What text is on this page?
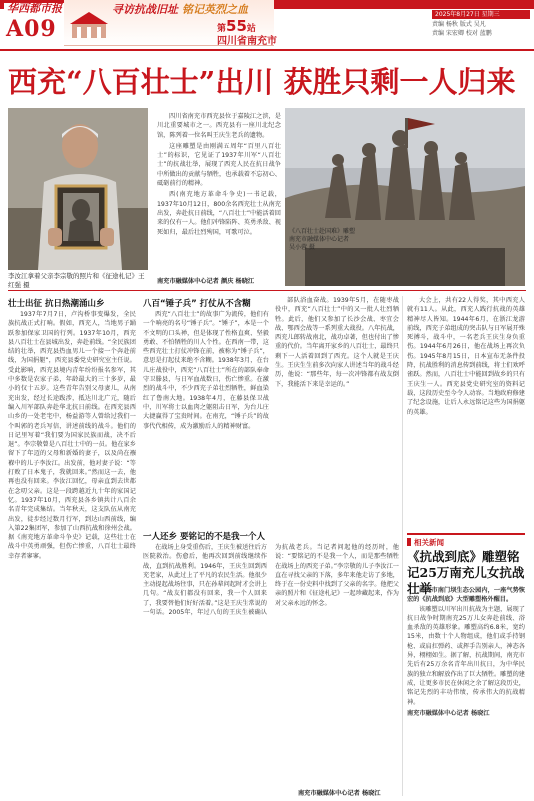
华西都市报
A09
寻访抗战旧址 铭记英烈之血
第55站
四川省南充市
2025年8月27日 星期三
责编 杨秋 版式 吴凡
责编 宋宏卿 校对 蓝鹏
西充“八百壮士”出川 获胜只剩一人归来
李汝江拿着父亲李宗敬的照片和《征途札记》王红强 摄
《八百壮士赴国难》雕塑 南充市融媒体中心记者 吴小蓉 摄

四川省南充市西充县位于嘉陵江之滨，是川北重要城市之一。西充县有一座川北纪念馆，陈列着一位名叫王庆生老兵的遗物。

这座雕塑是由刚满五周年“百里八百壮士”的标识，它见证了1937年川军“八百壮士”的抗战壮举，展现了西充人民在抗日战争中所做出的贡献与牺牲，也承载着不忘初心、砥砺前行的精神。

西(南充地方革命斗争史)一书记载，1937年10月12日，800余名西充壮士从南充出发，奔赴抗日前线，“八百壮士”中能活着回来的仅有一人。他们冲锋陷阵、英勇杀敌、视死如归，最后壮烈殉国，可歌可泣。

南充市融媒体中心记者 颜庆 杨晓江
壮士出征 抗日热潮涌山乡

1937年7月7日，卢沟桥事变爆发，全民族抗战正式打响。假如，西充人，当地男子踊跃参加保家卫国的行列。1937年10月，西充县八百壮士在县城出发，奔赴前线。“全民族团结的壮举，西充县热血男儿一个接一个奔赴前线，为国捐躯”，西充县委党史研究室主任说。受此影响，西充县境内青年纷纷报名参军，其中多数是农家子弟，年龄最大的三十多岁，最小的仅十五岁。这些青年告别父母妻儿，从南充出发，经过长途跋涉，抵达川北广元，随后编入川军部队奔赴华北抗日前线。在西充县西山乡的一处老宅中，杨益游等人曾给过我们一个叫郭的老兵写信，讲述前线的战斗。他们的日记里写着“我们要为国家民族而战，决不后退”。李宗敬曾是八百壮士中的一员。他在家乡留下了年迈的父母和新婚的妻子，以及尚在襁褓中的儿子李汝江。出发前，他对妻子说：“等打败了日本鬼子，我就回来。”然而这一去，他再也没有回来。李汝江回忆，母亲直到去世都在念叨父亲。这是一段跨越近九十年的家国记忆。1937年10月，西充县各乡镇共计八百余名青年完成集结。当年秋天，这支队伍从南充出发，徒步经过数月行军，到达山西前线，编入第22集团军，参加了山西抗战和徐州会战。据《南充地方革命斗争史》记载，这些壮士在战斗中英勇顽强，但伤亡惨重，八百壮士最终幸存者寥寥。

八百“锤子兵” 打仗从不含糊

西充“八百壮士”的故事广为流传，他们有一个响亮的名号“锤子兵”。“锤子”，本是一个不文明的口头禅，但是体现了性格直爽、坚毅勇敢、不怕牺牲的川人个性。在西南一带，这些西充壮士打仗冲锋在前，被称为“锤子兵”，意思是打起仗来绝不含糊。1938年3月，在台儿庄战役中，西充“八百壮士”所在的部队奉命守卫滕县，与日军血战数日，伤亡惨重。在激烈的战斗中，不少西充子弟壮烈牺牲，鲜血染红了鲁南大地。1938年4月，在藤县保卫战中，川军将士以血肉之躯阻击日军，为台儿庄大捷赢得了宝贵时间。在南充，“锤子兵”的故事代代相传，成为激励后人的精神财富。

部队浴血奋战。1939年5月，在随枣战役中，西充“八百壮士”中的又一批人壮烈牺牲。此后，他们又参加了长沙会战、枣宜会战、鄂西会战等一系列重大战役。八年抗战，西充儿郎转战南北，战功卓著，但也付出了惨重的代价。当年离开家乡的八百壮士，最终只剩下一人活着回到了西充。这个人就是王庆生。王庆生生前多次向家人讲述当年的战斗经历，他说：“那些年，每一次冲锋都有战友倒下，我能活下来是幸运的。”

一人还乡 要铭记的不是我一个人

在战场上身受重伤后，王庆生被送往后方医院救治。伤愈后，他再次回到前线继续作战，直到抗战胜利。1946年，王庆生回到西充老家，从此过上了平凡的农民生活。他很少主动提起战场往事，只在孙辈问起时才会讲上几句。“战友们都没有回来，我一个人回来了，我要替他们好好活着。”这是王庆生常说的一句话。2005年，年过八旬的王庆生被确认为抗战老兵。当记者问起他的经历时，他说：“要铭记的不是我一个人，而是那些牺牲在战场上的西充子弟。”李宗敬的儿子李汝江一直在寻找父亲的下落，多年来他走访了多地，终于在一份史料中找到了父亲的名字。他把父亲的照片和《征途札记》一起珍藏起来，作为对父亲永远的怀念。

大会上，共有22人得奖，其中西充人就有11人。从此，西充人践行抗战的英雄精神尽人皆知。1944年6月，在浙江龙游前线，西充子弟组成的突击队与日军展开殊死搏斗，战斗中，一名老兵王庆生身负重伤。1944年6月26日，他在战场上再次负伤。1945年8月15日，日本宣布无条件投降，抗战胜利的消息传到前线，将士们欢呼雀跃。然而，八百壮士中能回到故乡的只有王庆生一人。西充县党史研究室的资料记载，这段历史至今令人动容。当地政府修建了纪念设施，让后人永远铭记这些为国捐躯的英雄。

相关新闻
《抗战到底》雕塑铭记25万南充儿女抗战壮举

南充市南门坝生态公园内，一座气势恢宏的《抗战到底》大型雕塑格外醒目。

该雕塑以川军出川抗战为主题，展现了抗日战争时期南充25万儿女奔赴前线、浴血杀敌的英雄形象。雕塑高约6.8米，宽约15米，由数十个人物组成，他们或手持钢枪、或肩扛弹药、或挥手告别亲人，神态各异，栩栩如生。据了解，抗战期间，南充市先后有25万余名青年出川抗日，为中华民族的独立和解放作出了巨大牺牲。雕塑的建成，让更多市民在休闲之余了解这段历史，铭记先烈的丰功伟绩，传承伟大的抗战精神。

南充市融媒体中心记者 杨晓江

南充市融媒体中心记者 杨晓江
